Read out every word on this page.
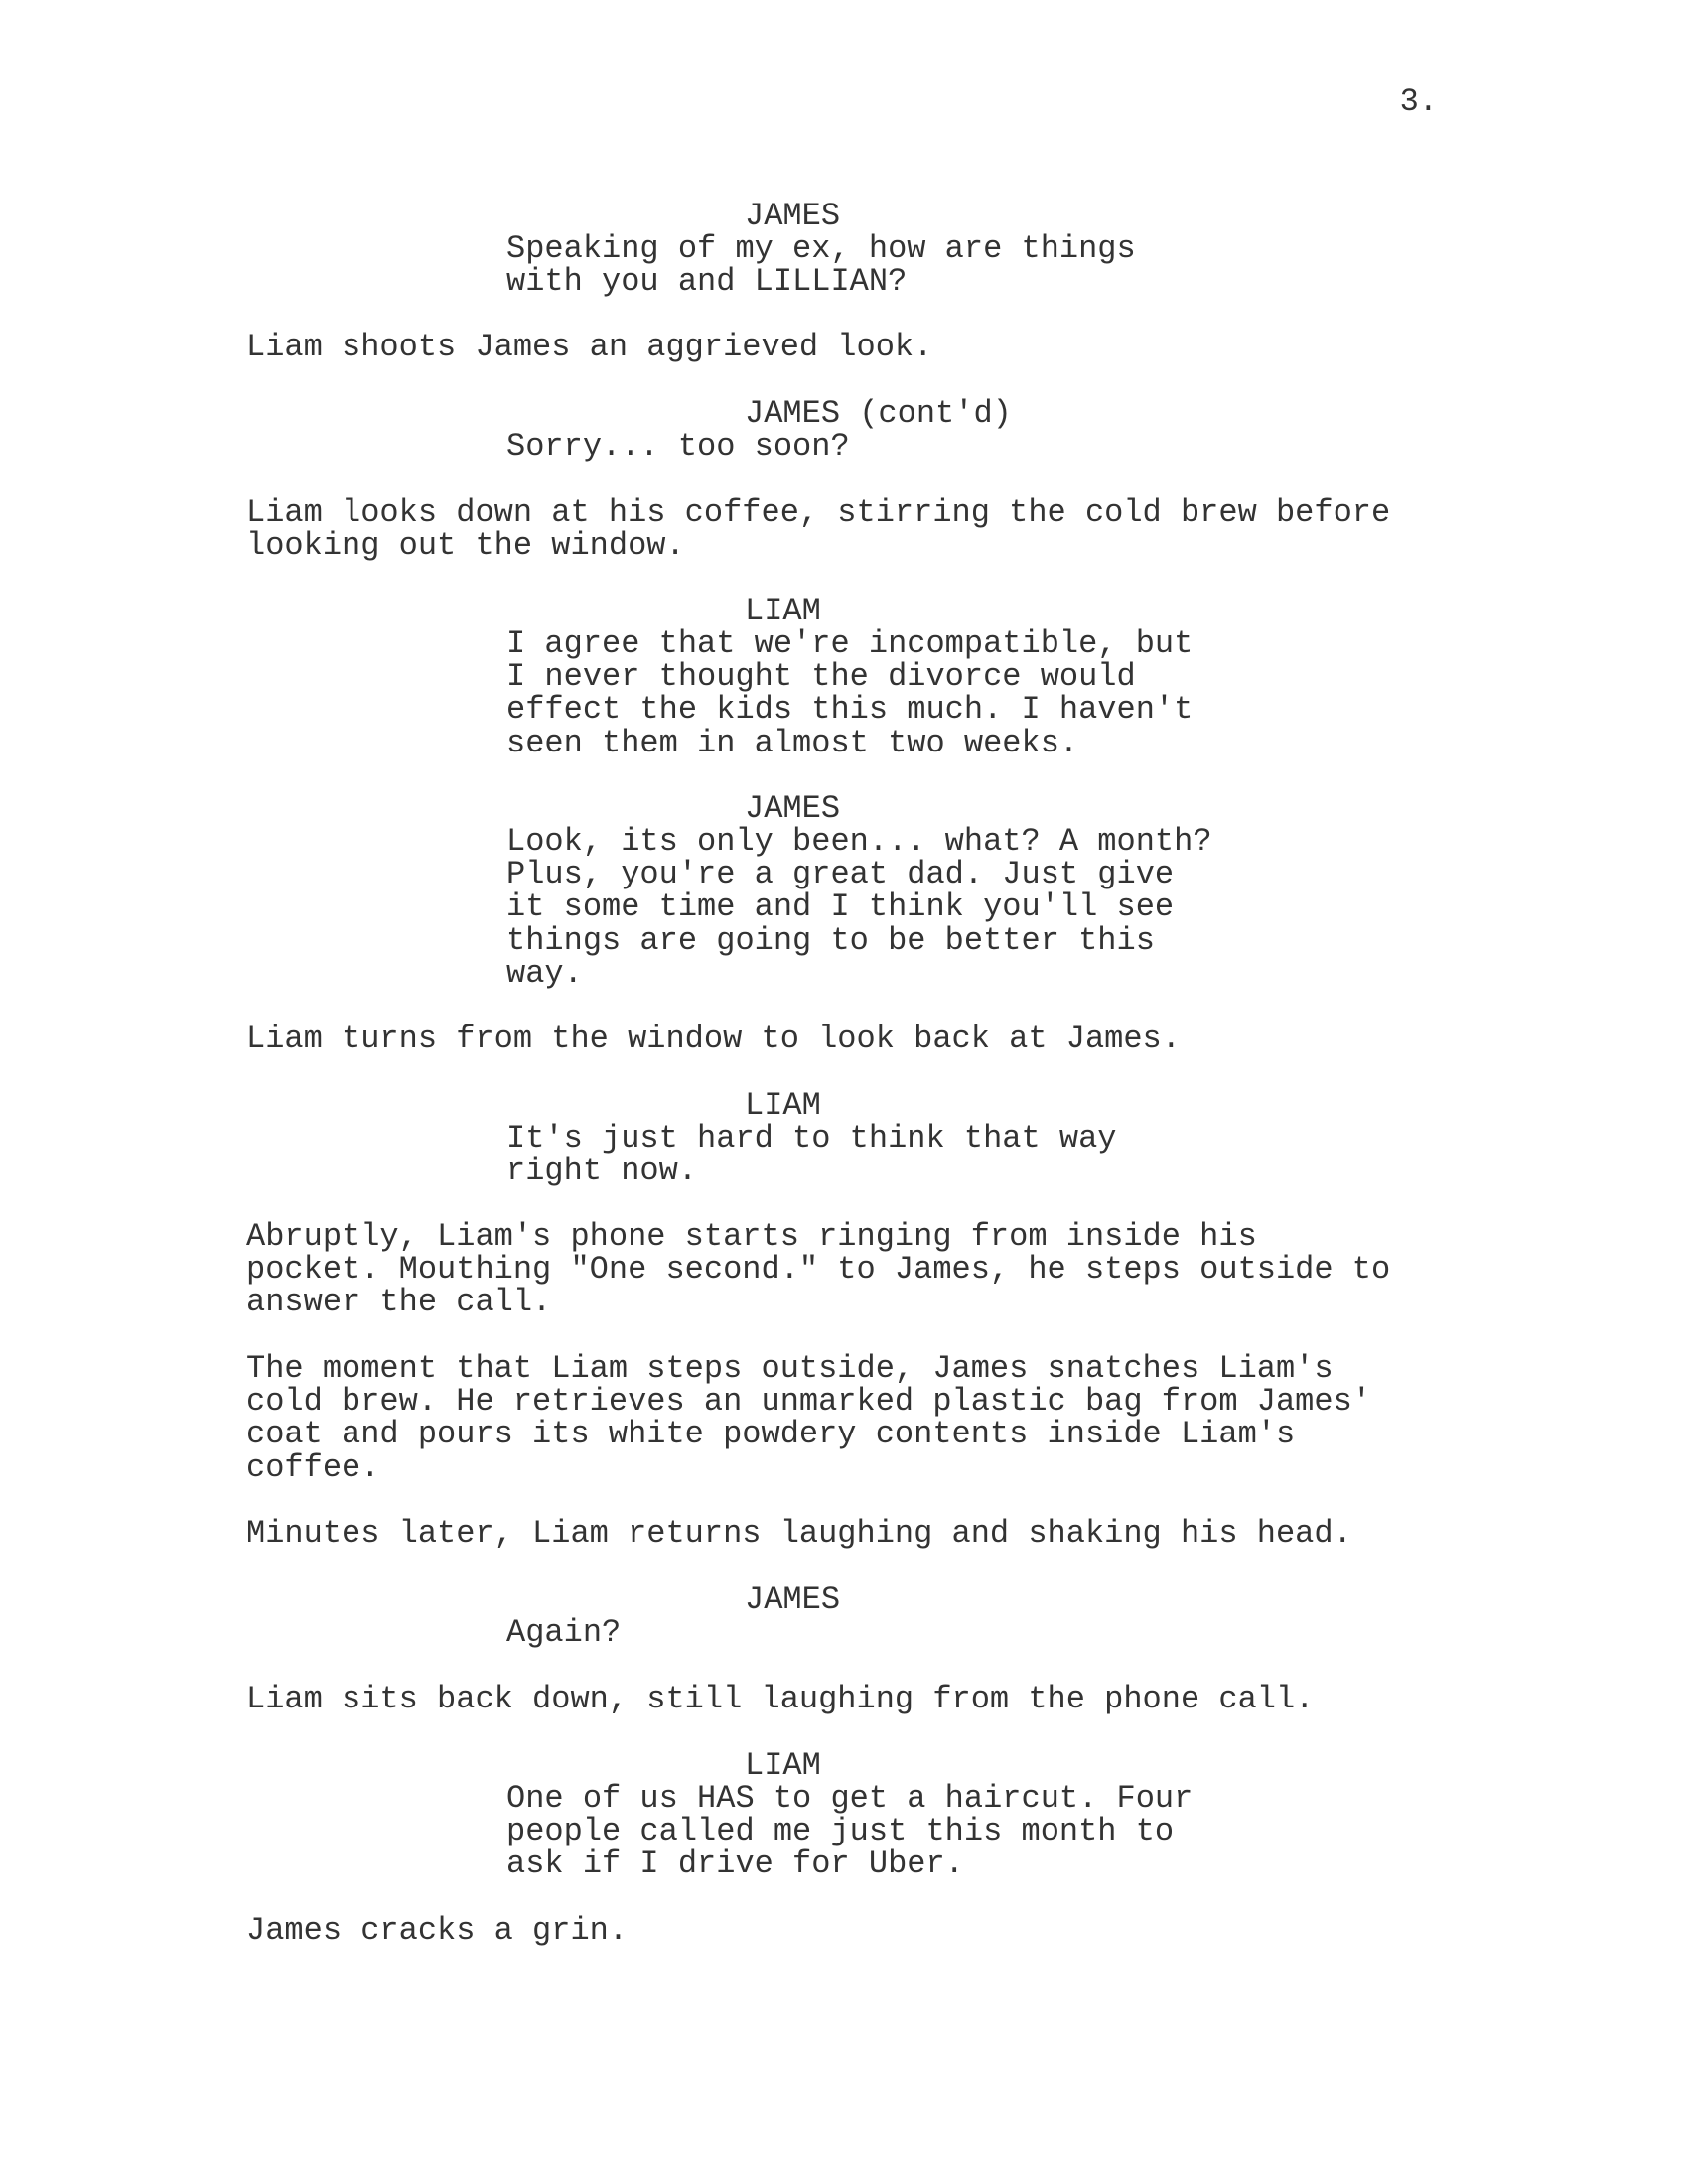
3.

JAMES

Speaking of my ex, how are things
with you and LILLIAN?

Liam shoots James an aggrieved look.

JAMES (cont'd)

Sorry... too soon?

Liam looks down at his coffee, stirring the cold brew before
looking out the window.

LIAM

I agree that we're incompatible, but
I never thought the divorce would
effect the kids this much. I haven't
seen them in almost two weeks.

JAMES

Look, its only been... what? A month?
Plus, you're a great dad. Just give
it some time and I think you'll see
things are going to be better this
way.

Liam turns from the window to look back at James.

LIAM

It's just hard to think that way
right now.

Abruptly, Liam's phone starts ringing from inside his
pocket. Mouthing "One second." to James, he steps outside to
answer the call.

The moment that Liam steps outside, James snatches Liam's
cold brew. He retrieves an unmarked plastic bag from James'
coat and pours its white powdery contents inside Liam's
coffee.

Minutes later, Liam returns laughing and shaking his head.

JAMES

Again?

Liam sits back down, still laughing from the phone call.

LIAM

One of us HAS to get a haircut. Four
people called me just this month to
ask if I drive for Uber.

James cracks a grin.
